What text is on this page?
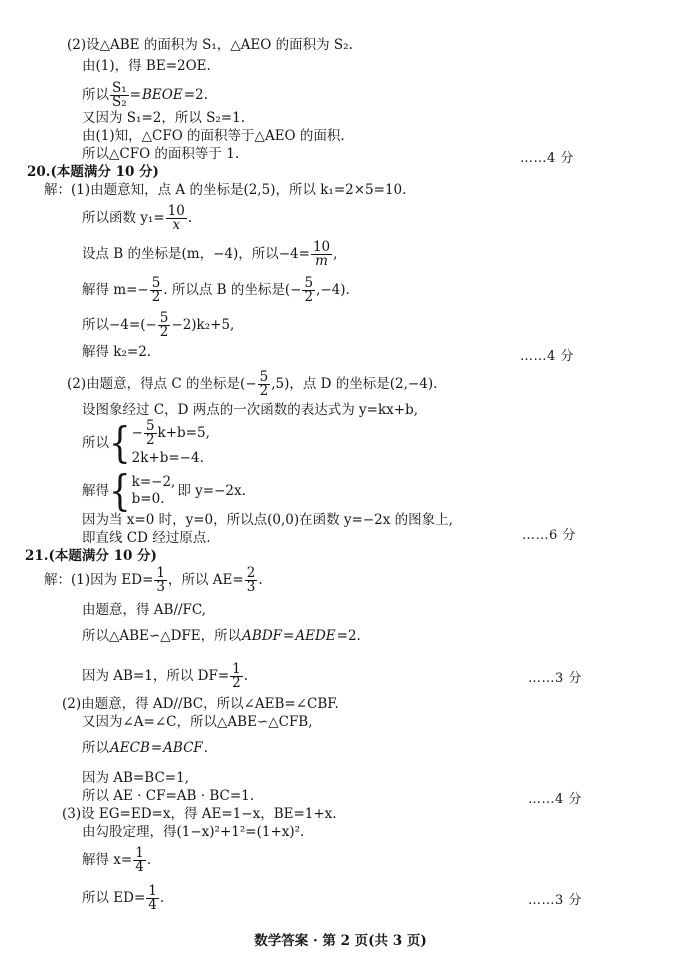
(2)设△ABE 的面积为 S₁，△AEO 的面积为 S₂.
由(1)，得 BE=2OE.
所以 $\frac{\text{S₁}}{\text{S₂}}$ =BEOE=2.
又因为 S₁=2，所以 S₂=1.
由(1)知，△CFO 的面积等于△AEO 的面积.
所以△CFO 的面积等于 1.	……4 分
20.(本题满分 10 分)
解：(1)由题意知，点 A 的坐标是(2,5)，所以 k₁=2×5=10.
所以函数 $y_1= \frac{10}{x}$ .
设点 B 的坐标是(m，−4)，所以$-4= \frac{10}{m}$ ,
解得 $m=- \frac{5}{2}$ . 所以点 B 的坐标是(− $\frac{5}{2} ,-4$).
所以$-4=(- \frac{5}{2} -2)k_2+5$,
解得 k₂=2.	……4 分
(2)由题意，得点 C 的坐标是(− $\frac{5}{2} ,5$)，点 D 的坐标是(2,−4).
设图象经过 C，D 两点的一次函数的表达式为 y=kx+b,
所以{ − $\frac{5}{2} k+b=5$,
2k+b=−4.
解得{ k=−2,
b=0. 即 y=−2x.
因为当 x=0 时，y=0，所以点(0,0)在函数 y=−2x 的图象上,
即直线 CD 经过原点.	……6 分
21.(本题满分 10 分)
解：(1)因为 $ED= \frac{1}{3}$ ，所以 $AE= \frac{2}{3}$ .
由题意，得 AB//FC,
所以△ABE∽△DFE，所以ABDF=AEDE=2.
因为 AB=1，所以 $DF= \frac{1}{2}$ .	……3 分
(2)由题意，得 AD//BC，所以∠AEB=∠CBF.
又因为∠A=∠C，所以△ABE∽△CFB,
所以AECB=ABCF.
因为 AB=BC=1,
所以 AE · CF=AB · BC=1.	……4 分
(3)设 EG=ED=x，得 AE=1−x，BE=1+x.
由勾股定理，得(1−x)²+1²=(1+x)².
解得 $x= \frac{1}{4}$ .
所以 $ED= \frac{1}{4}$ .	……3 分
数学答案 · 第 2 页(共 3 页)
